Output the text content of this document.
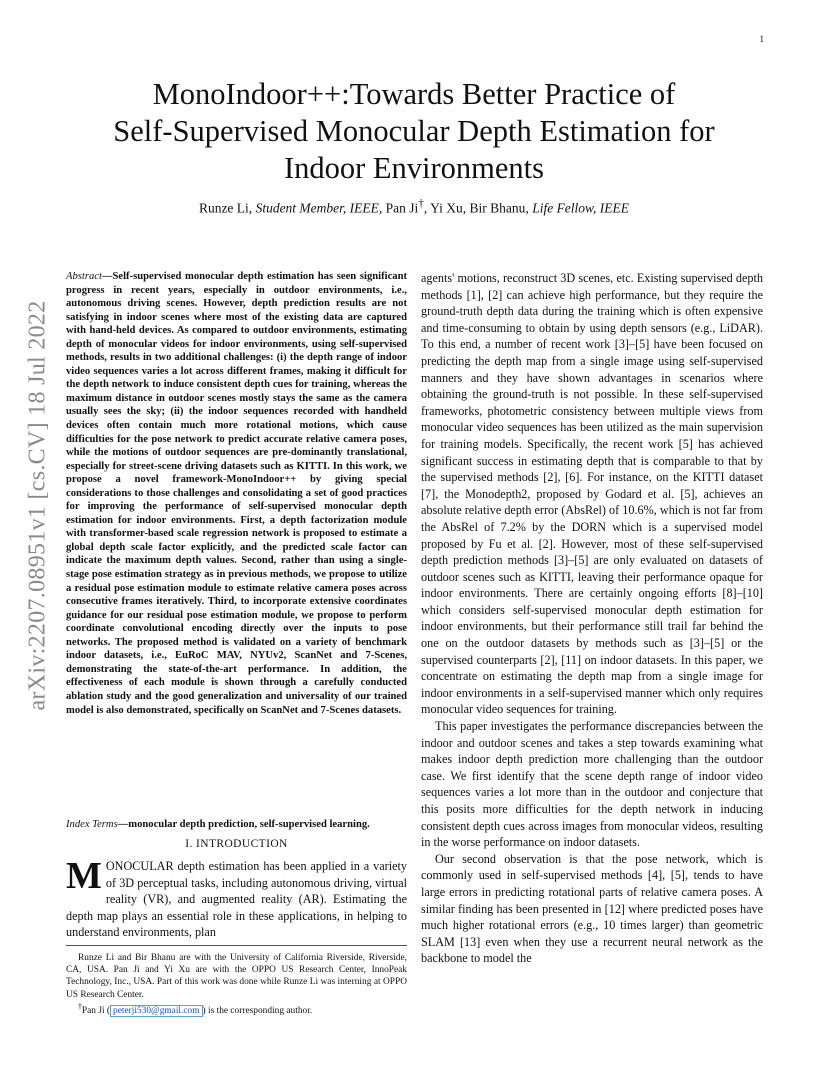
1
arXiv:2207.08951v1 [cs.CV] 18 Jul 2022
MonoIndoor++:Towards Better Practice of
Self-Supervised Monocular Depth Estimation for
Indoor Environments
Runze Li, Student Member, IEEE, Pan Ji†, Yi Xu, Bir Bhanu, Life Fellow, IEEE
Abstract—Self-supervised monocular depth estimation has seen significant progress in recent years, especially in outdoor environments, i.e., autonomous driving scenes. However, depth prediction results are not satisfying in indoor scenes where most of the existing data are captured with hand-held devices. As compared to outdoor environments, estimating depth of monocular videos for indoor environments, using self-supervised methods, results in two additional challenges: (i) the depth range of indoor video sequences varies a lot across different frames, making it difficult for the depth network to induce consistent depth cues for training, whereas the maximum distance in outdoor scenes mostly stays the same as the camera usually sees the sky; (ii) the indoor sequences recorded with handheld devices often contain much more rotational motions, which cause difficulties for the pose network to predict accurate relative camera poses, while the motions of outdoor sequences are pre-dominantly translational, especially for street-scene driving datasets such as KITTI. In this work, we propose a novel framework-MonoIndoor++ by giving special considerations to those challenges and consolidating a set of good practices for improving the performance of self-supervised monocular depth estimation for indoor environments. First, a depth factorization module with transformer-based scale regression network is proposed to estimate a global depth scale factor explicitly, and the predicted scale factor can indicate the maximum depth values. Second, rather than using a single-stage pose estimation strategy as in previous methods, we propose to utilize a residual pose estimation module to estimate relative camera poses across consecutive frames iteratively. Third, to incorporate extensive coordinates guidance for our residual pose estimation module, we propose to perform coordinate convolutional encoding directly over the inputs to pose networks. The proposed method is validated on a variety of benchmark indoor datasets, i.e., EuRoC MAV, NYUv2, ScanNet and 7-Scenes, demonstrating the state-of-the-art performance. In addition, the effectiveness of each module is shown through a carefully conducted ablation study and the good generalization and universality of our trained model is also demonstrated, specifically on ScanNet and 7-Scenes datasets.
Index Terms—monocular depth prediction, self-supervised learning.
I. INTRODUCTION
MONOCULAR depth estimation has been applied in a variety of 3D perceptual tasks, including autonomous driving, virtual reality (VR), and augmented reality (AR). Estimating the depth map plays an essential role in these applications, in helping to understand environments, plan

Runze Li and Bir Bhanu are with the University of California Riverside, Riverside, CA, USA. Pan Ji and Yi Xu are with the OPPO US Research Center, InnoPeak Technology, Inc., USA. Part of this work was done while Runze Li was interning at OPPO US Research Center.

†Pan Ji ( peterji530@gmail.com ) is the corresponding author.

agents' motions, reconstruct 3D scenes, etc. Existing supervised depth methods [1], [2] can achieve high performance, but they require the ground-truth depth data during the training which is often expensive and time-consuming to obtain by using depth sensors (e.g., LiDAR). To this end, a number of recent work [3]–[5] have been focused on predicting the depth map from a single image using self-supervised manners and they have shown advantages in scenarios where obtaining the ground-truth is not possible. In these self-supervised frameworks, photometric consistency between multiple views from monocular video sequences has been utilized as the main supervision for training models. Specifically, the recent work [5] has achieved significant success in estimating depth that is comparable to that by the supervised methods [2], [6]. For instance, on the KITTI dataset [7], the Monodepth2, proposed by Godard et al. [5], achieves an absolute relative depth error (AbsRel) of 10.6%, which is not far from the AbsRel of 7.2% by the DORN which is a supervised model proposed by Fu et al. [2]. However, most of these self-supervised depth prediction methods [3]–[5] are only evaluated on datasets of outdoor scenes such as KITTI, leaving their performance opaque for indoor environments. There are certainly ongoing efforts [8]–[10] which considers self-supervised monocular depth estimation for indoor environments, but their performance still trail far behind the one on the outdoor datasets by methods such as [3]–[5] or the supervised counterparts [2], [11] on indoor datasets. In this paper, we concentrate on estimating the depth map from a single image for indoor environments in a self-supervised manner which only requires monocular video sequences for training.

This paper investigates the performance discrepancies between the indoor and outdoor scenes and takes a step towards examining what makes indoor depth prediction more challenging than the outdoor case. We first identify that the scene depth range of indoor video sequences varies a lot more than in the outdoor and conjecture that this posits more difficulties for the depth network in inducing consistent depth cues across images from monocular videos, resulting in the worse performance on indoor datasets.

Our second observation is that the pose network, which is commonly used in self-supervised methods [4], [5], tends to have large errors in predicting rotational parts of relative camera poses. A similar finding has been presented in [12] where predicted poses have much higher rotational errors (e.g., 10 times larger) than geometric SLAM [13] even when they use a recurrent neural network as the backbone to model the
